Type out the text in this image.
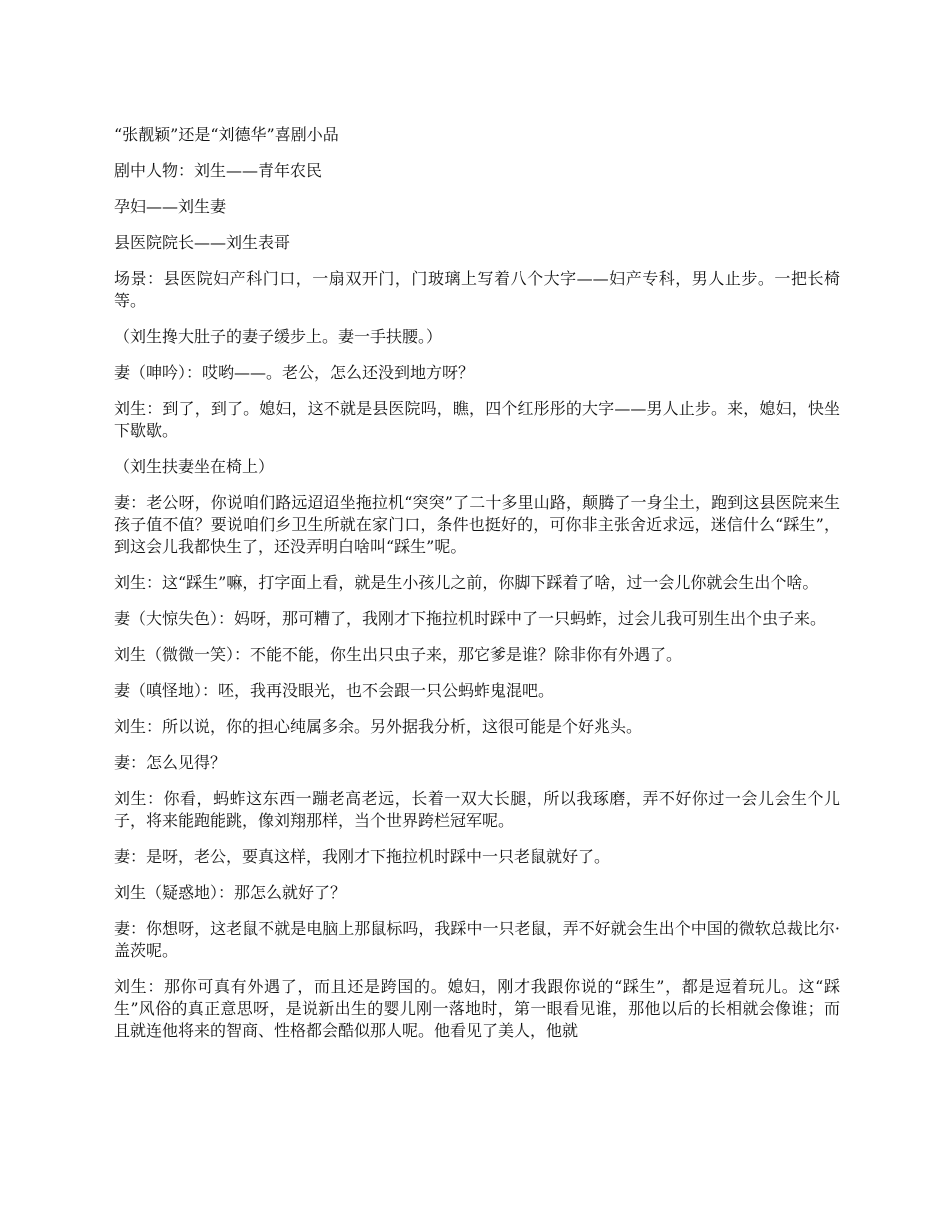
“张靓颖”还是“刘德华”喜剧小品

剧中人物：刘生——青年农民

孕妇——刘生妻

县医院院长——刘生表哥

场景：县医院妇产科门口，一扇双开门，门玻璃上写着八个大字——妇产专科，男人止步。一把长椅等。

（刘生搀大肚子的妻子缓步上。妻一手扶腰。）

妻（呻吟）：哎哟——。老公，怎么还没到地方呀？

刘生：到了，到了。媳妇，这不就是县医院吗，瞧，四个红彤彤的大字——男人止步。来，媳妇，快坐下歇歇。

（刘生扶妻坐在椅上）

妻：老公呀，你说咱们路远迢迢坐拖拉机“突突”了二十多里山路，颠腾了一身尘土，跑到这县医院来生孩子值不值？要说咱们乡卫生所就在家门口，条件也挺好的，可你非主张舍近求远，迷信什么“踩生”，到这会儿我都快生了，还没弄明白啥叫“踩生”呢。

刘生：这“踩生”嘛，打字面上看，就是生小孩儿之前，你脚下踩着了啥，过一会儿你就会生出个啥。

妻（大惊失色）：妈呀，那可糟了，我刚才下拖拉机时踩中了一只蚂蚱，过会儿我可别生出个虫子来。

刘生（微微一笑）：不能不能，你生出只虫子来，那它爹是谁？除非你有外遇了。

妻（嗔怪地）：呸，我再没眼光，也不会跟一只公蚂蚱鬼混吧。

刘生：所以说，你的担心纯属多余。另外据我分析，这很可能是个好兆头。

妻：怎么见得？

刘生：你看，蚂蚱这东西一蹦老高老远，长着一双大长腿，所以我琢磨，弄不好你过一会儿会生个儿子，将来能跑能跳，像刘翔那样，当个世界跨栏冠军呢。

妻：是呀，老公，要真这样，我刚才下拖拉机时踩中一只老鼠就好了。

刘生（疑惑地）：那怎么就好了？

妻：你想呀，这老鼠不就是电脑上那鼠标吗，我踩中一只老鼠，弄不好就会生出个中国的微软总裁比尔·盖茨呢。

刘生：那你可真有外遇了，而且还是跨国的。媳妇，刚才我跟你说的“踩生”，都是逗着玩儿。这“踩生”风俗的真正意思呀，是说新出生的婴儿刚一落地时，第一眼看见谁，那他以后的长相就会像谁；而且就连他将来的智商、性格都会酷似那人呢。他看见了美人，他就
